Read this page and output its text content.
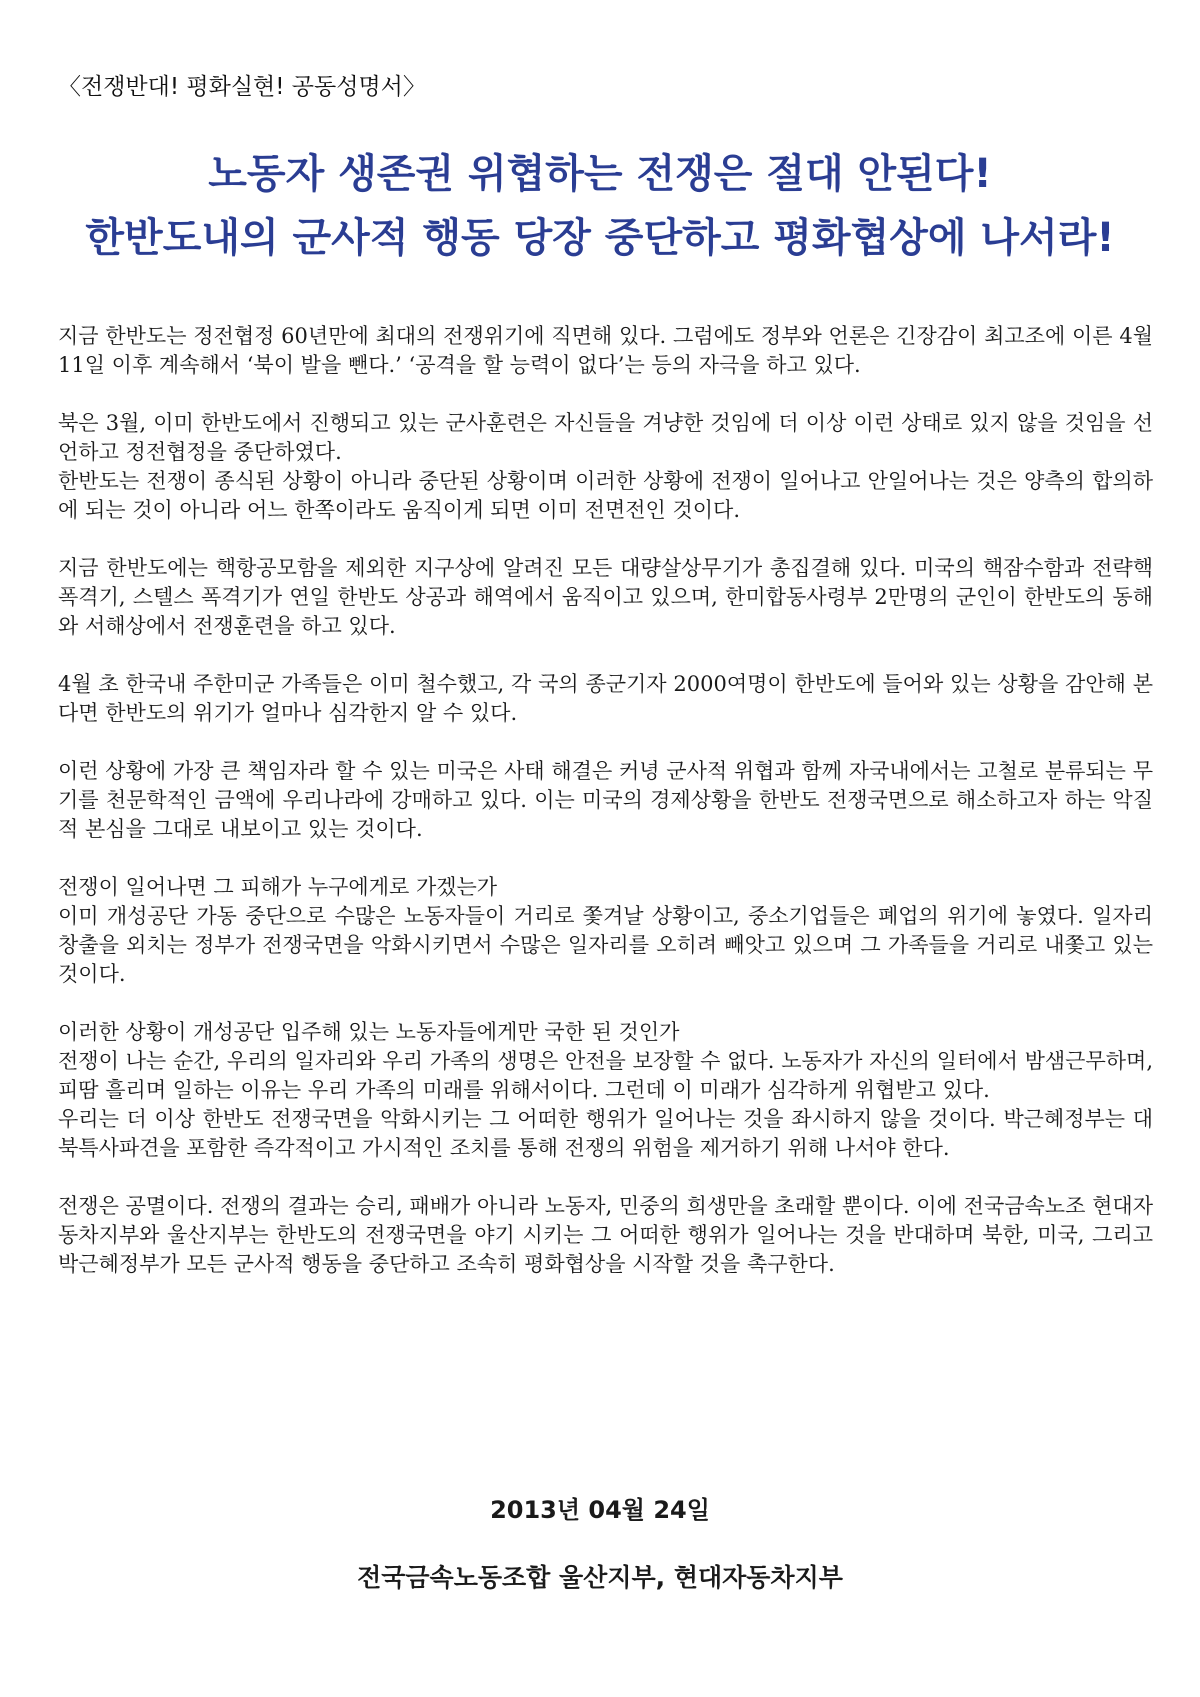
〈전쟁반대! 평화실현! 공동성명서〉
노동자 생존권 위협하는 전쟁은 절대 안된다!
한반도내의 군사적 행동 당장 중단하고 평화협상에 나서라!

지금 한반도는 정전협정 60년만에 최대의 전쟁위기에 직면해 있다. 그럼에도 정부와 언론은 긴장감이 최고조에 이른 4월 11일 이후 계속해서 ‘북이 발을 뺀다.’ ‘공격을 할 능력이 없다’는 등의 자극을 하고 있다.

북은 3월, 이미 한반도에서 진행되고 있는 군사훈련은 자신들을 겨냥한 것임에 더 이상 이런 상태로 있지 않을 것임을 선언하고 정전협정을 중단하였다.
한반도는 전쟁이 종식된 상황이 아니라 중단된 상황이며 이러한 상황에 전쟁이 일어나고 안일어나는 것은 양측의 합의하에 되는 것이 아니라 어느 한쪽이라도 움직이게 되면 이미 전면전인 것이다.

지금 한반도에는 핵항공모함을 제외한 지구상에 알려진 모든 대량살상무기가 총집결해 있다. 미국의 핵잠수함과 전략핵폭격기, 스텔스 폭격기가 연일 한반도 상공과 해역에서 움직이고 있으며, 한미합동사령부 2만명의 군인이 한반도의 동해와 서해상에서 전쟁훈련을 하고 있다.

4월 초 한국내 주한미군 가족들은 이미 철수했고, 각 국의 종군기자 2000여명이 한반도에 들어와 있는 상황을 감안해 본다면 한반도의 위기가 얼마나 심각한지 알 수 있다.

이런 상황에 가장 큰 책임자라 할 수 있는 미국은 사태 해결은 커녕 군사적 위협과 함께 자국내에서는 고철로 분류되는 무기를 천문학적인 금액에 우리나라에 강매하고 있다. 이는 미국의 경제상황을 한반도 전쟁국면으로 해소하고자 하는 악질적 본심을 그대로 내보이고 있는 것이다.

전쟁이 일어나면 그 피해가 누구에게로 가겠는가
이미 개성공단 가동 중단으로 수많은 노동자들이 거리로 쫓겨날 상황이고, 중소기업들은 폐업의 위기에 놓였다. 일자리 창출을 외치는 정부가 전쟁국면을 악화시키면서 수많은 일자리를 오히려 빼앗고 있으며 그 가족들을 거리로 내쫓고 있는 것이다.

이러한 상황이 개성공단 입주해 있는 노동자들에게만 국한 된 것인가
전쟁이 나는 순간, 우리의 일자리와 우리 가족의 생명은 안전을 보장할 수 없다. 노동자가 자신의 일터에서 밤샘근무하며, 피땀 흘리며 일하는 이유는 우리 가족의 미래를 위해서이다. 그런데 이 미래가 심각하게 위협받고 있다.
우리는 더 이상 한반도 전쟁국면을 악화시키는 그 어떠한 행위가 일어나는 것을 좌시하지 않을 것이다. 박근혜정부는 대북특사파견을 포함한 즉각적이고 가시적인 조치를 통해 전쟁의 위험을 제거하기 위해 나서야 한다.

전쟁은 공멸이다. 전쟁의 결과는 승리, 패배가 아니라 노동자, 민중의 희생만을 초래할 뿐이다. 이에 전국금속노조 현대자동차지부와 울산지부는 한반도의 전쟁국면을 야기 시키는 그 어떠한 행위가 일어나는 것을 반대하며 북한, 미국, 그리고 박근혜정부가 모든 군사적 행동을 중단하고 조속히 평화협상을 시작할 것을 촉구한다.

2013년 04월 24일
전국금속노동조합 울산지부, 현대자동차지부
